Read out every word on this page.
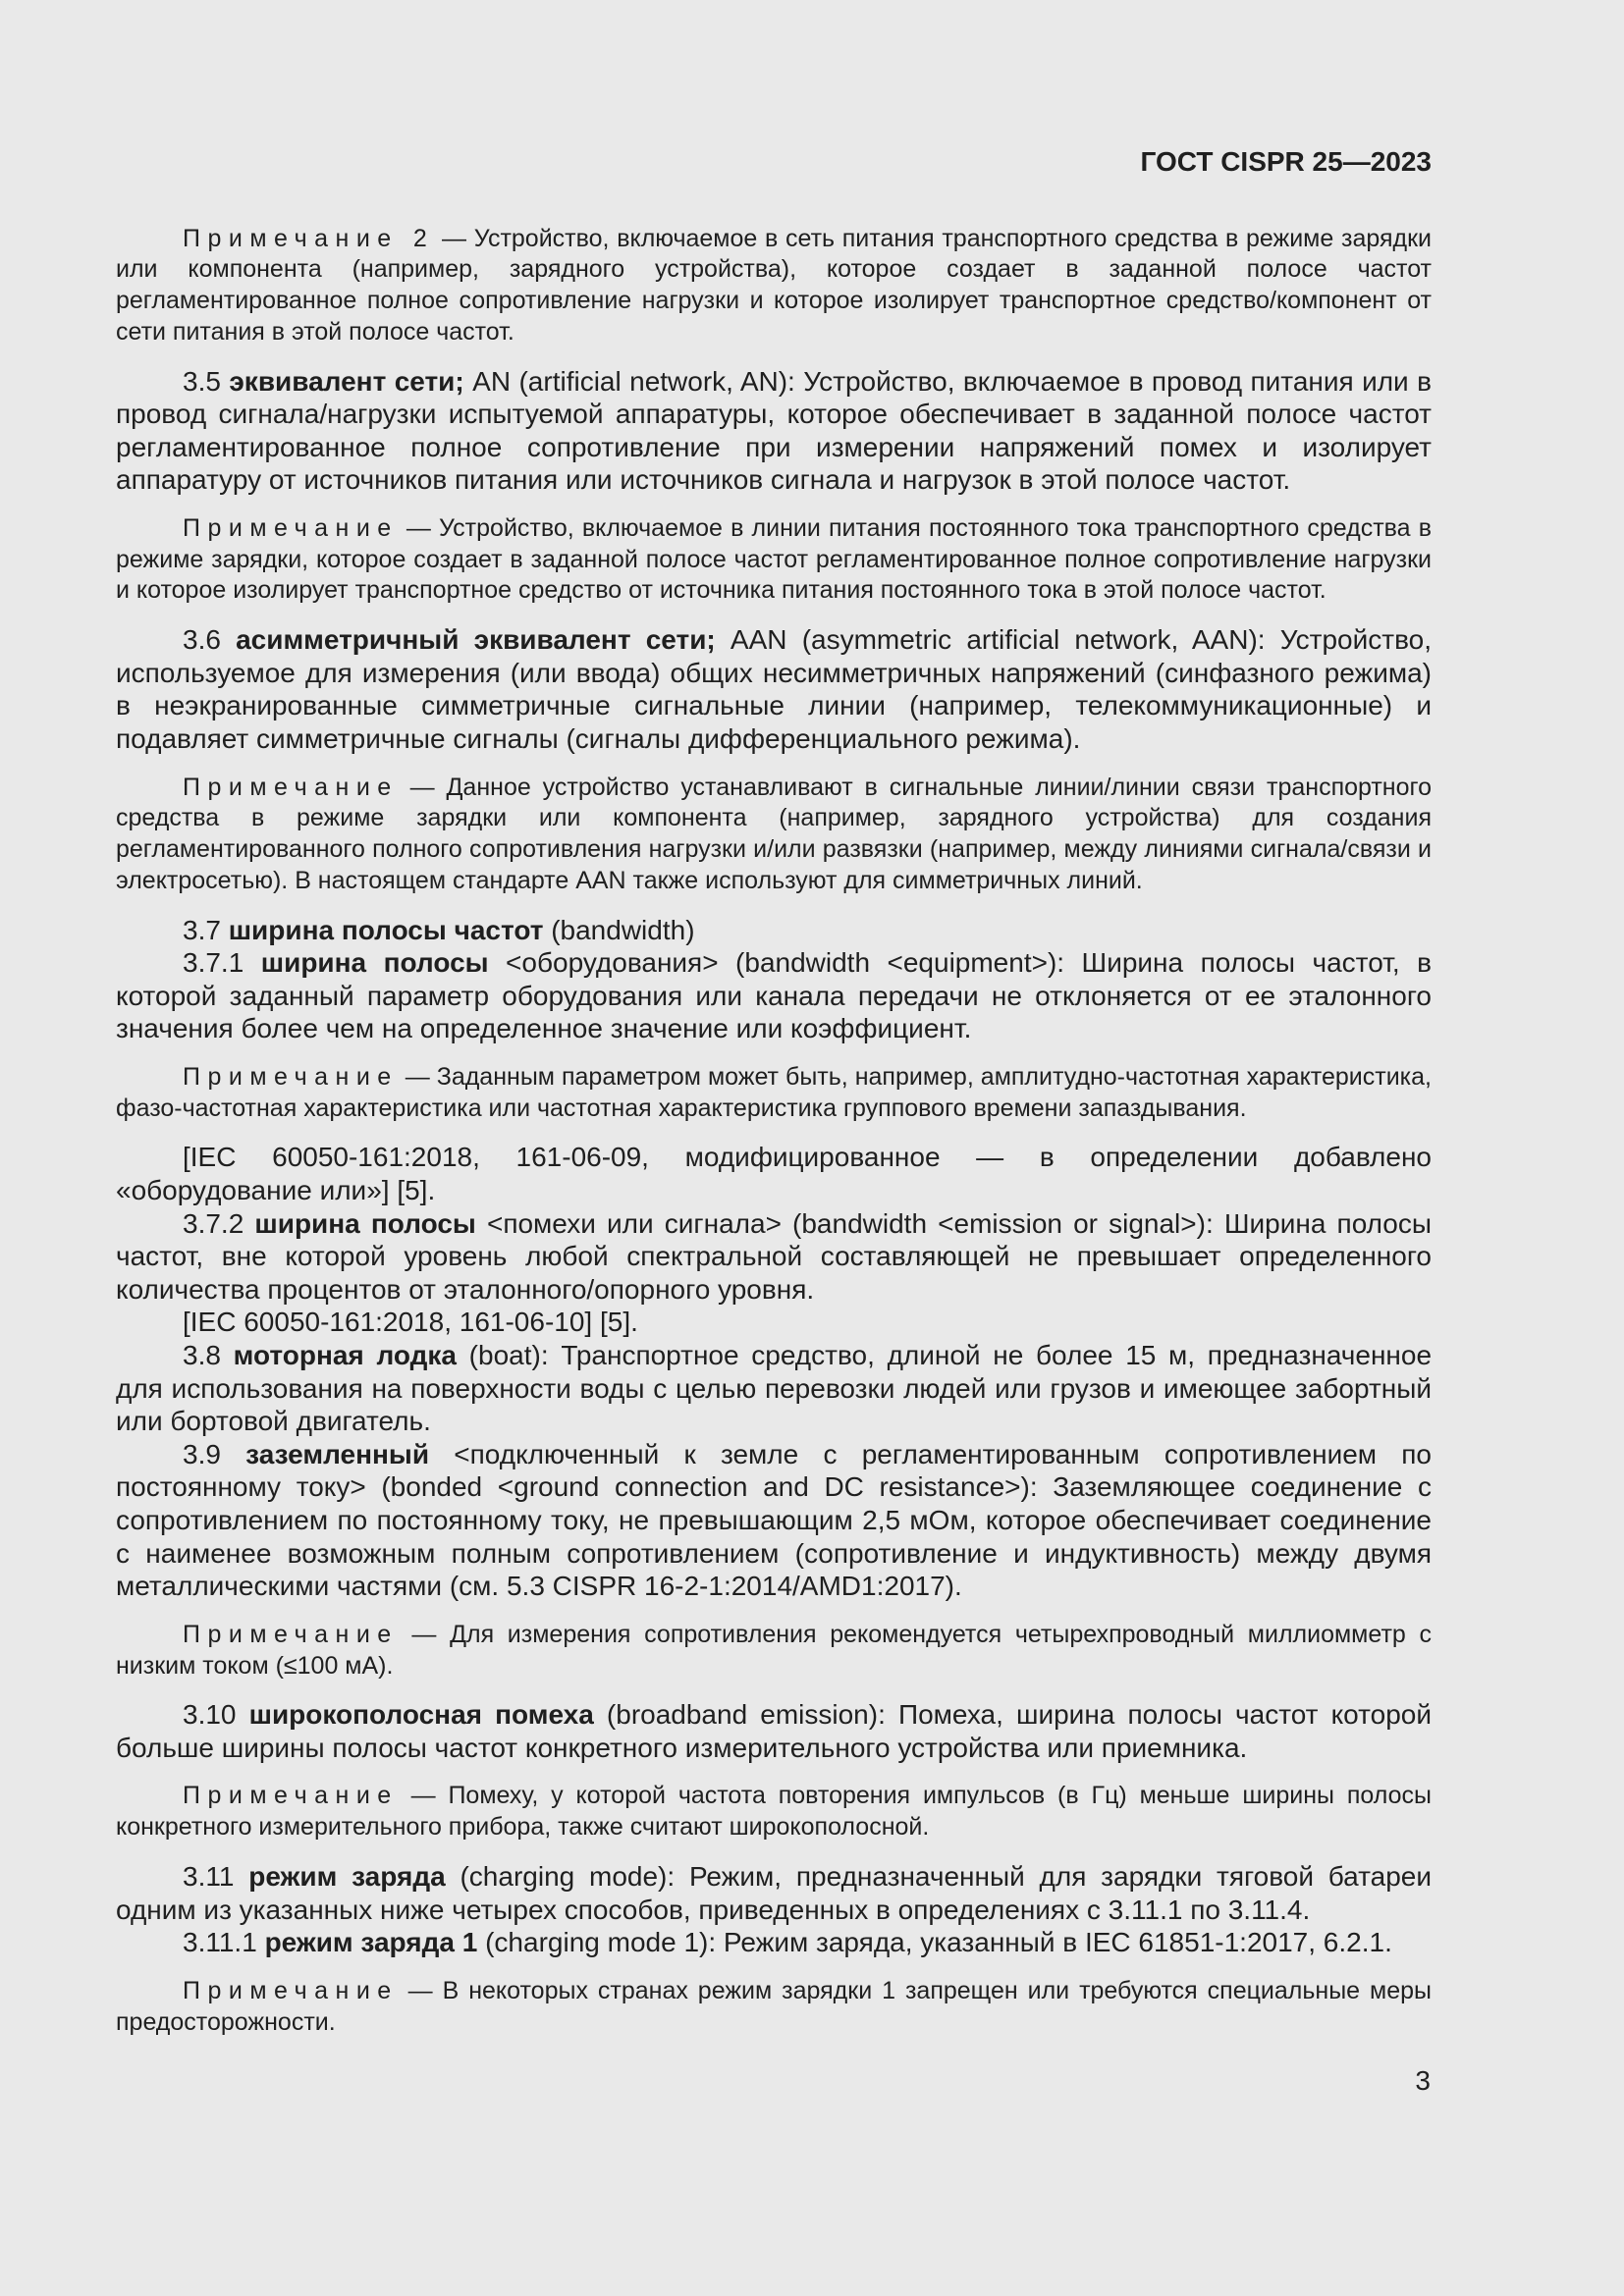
ГОСТ CISPR 25—2023

Примечание 2 — Устройство, включаемое в сеть питания транспортного средства в режиме зарядки или компонента (например, зарядного устройства), которое создает в заданной полосе частот регламентированное полное сопротивление нагрузки и которое изолирует транспортное средство/компонент от сети питания в этой полосе частот.

3.5 эквивалент сети; AN (artificial network, AN): Устройство, включаемое в провод питания или в провод сигнала/нагрузки испытуемой аппаратуры, которое обеспечивает в заданной полосе частот регламентированное полное сопротивление при измерении напряжений помех и изолирует аппаратуру от источников питания или источников сигнала и нагрузок в этой полосе частот.

Примечание — Устройство, включаемое в линии питания постоянного тока транспортного средства в режиме зарядки, которое создает в заданной полосе частот регламентированное полное сопротивление нагрузки и которое изолирует транспортное средство от источника питания постоянного тока в этой полосе частот.

3.6 асимметричный эквивалент сети; AAN (asymmetric artificial network, AAN): Устройство, используемое для измерения (или ввода) общих несимметричных напряжений (синфазного режима) в неэкранированные симметричные сигнальные линии (например, телекоммуникационные) и подавляет симметричные сигналы (сигналы дифференциального режима).

Примечание — Данное устройство устанавливают в сигнальные линии/линии связи транспортного средства в режиме зарядки или компонента (например, зарядного устройства) для создания регламентированного полного сопротивления нагрузки и/или развязки (например, между линиями сигнала/связи и электросетью). В настоящем стандарте AAN также используют для симметричных линий.

3.7 ширина полосы частот (bandwidth)

3.7.1 ширина полосы <оборудования> (bandwidth <equipment>): Ширина полосы частот, в которой заданный параметр оборудования или канала передачи не отклоняется от ее эталонного значения более чем на определенное значение или коэффициент.

Примечание — Заданным параметром может быть, например, амплитудно-частотная характеристика, фазо-частотная характеристика или частотная характеристика группового времени запаздывания.

[IEC 60050-161:2018, 161-06-09, модифицированное — в определении добавлено «оборудование или»] [5].

3.7.2 ширина полосы <помехи или сигнала> (bandwidth <emission or signal>): Ширина полосы частот, вне которой уровень любой спектральной составляющей не превышает определенного количества процентов от эталонного/опорного уровня.

[IEC 60050-161:2018, 161-06-10] [5].

3.8 моторная лодка (boat): Транспортное средство, длиной не более 15 м, предназначенное для использования на поверхности воды с целью перевозки людей или грузов и имеющее забортный или бортовой двигатель.

3.9 заземленный <подключенный к земле с регламентированным сопротивлением по постоянному току> (bonded <ground connection and DC resistance>): Заземляющее соединение с сопротивлением по постоянному току, не превышающим 2,5 мОм, которое обеспечивает соединение с наименее возможным полным сопротивлением (сопротивление и индуктивность) между двумя металлическими частями (см. 5.3 CISPR 16-2-1:2014/AMD1:2017).

Примечание — Для измерения сопротивления рекомендуется четырехпроводный миллиомметр с низким током (≤100 мА).

3.10 широкополосная помеха (broadband emission): Помеха, ширина полосы частот которой больше ширины полосы частот конкретного измерительного устройства или приемника.

Примечание — Помеху, у которой частота повторения импульсов (в Гц) меньше ширины полосы конкретного измерительного прибора, также считают широкополосной.

3.11 режим заряда (charging mode): Режим, предназначенный для зарядки тяговой батареи одним из указанных ниже четырех способов, приведенных в определениях с 3.11.1 по 3.11.4.

3.11.1 режим заряда 1 (charging mode 1): Режим заряда, указанный в IEC 61851-1:2017, 6.2.1.

Примечание — В некоторых странах режим зарядки 1 запрещен или требуются специальные меры предосторожности.

3
